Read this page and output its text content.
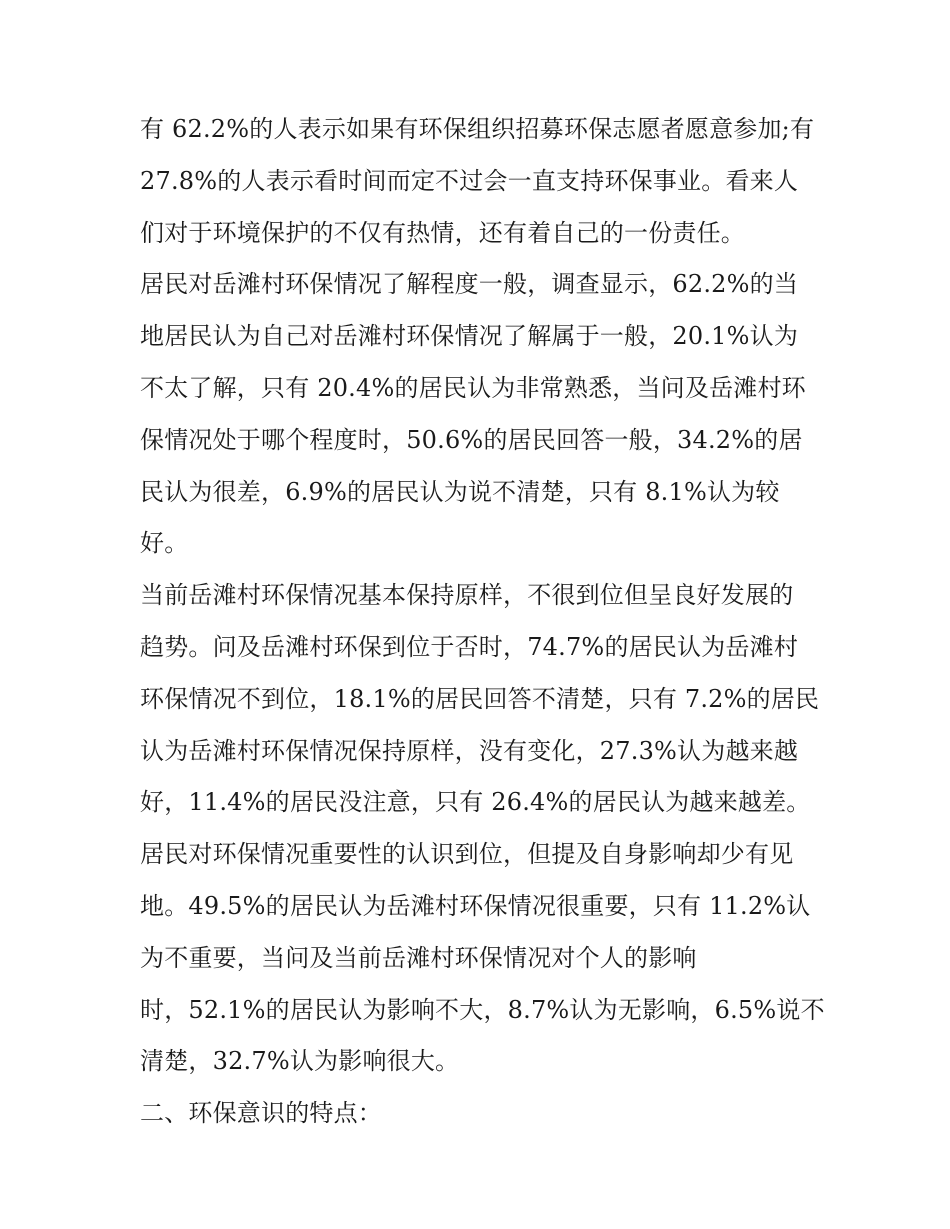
有 62.2%的人表示如果有环保组织招募环保志愿者愿意参加;有
27.8%的人表示看时间而定不过会一直支持环保事业。看来人
们对于环境保护的不仅有热情，还有着自己的一份责任。
居民对岳滩村环保情况了解程度一般，调查显示，62.2%的当
地居民认为自己对岳滩村环保情况了解属于一般，20.1%认为
不太了解，只有 20.4%的居民认为非常熟悉，当问及岳滩村环
保情况处于哪个程度时，50.6%的居民回答一般，34.2%的居
民认为很差，6.9%的居民认为说不清楚，只有 8.1%认为较
好。
当前岳滩村环保情况基本保持原样，不很到位但呈良好发展的
趋势。问及岳滩村环保到位于否时，74.7%的居民认为岳滩村
环保情况不到位，18.1%的居民回答不清楚，只有 7.2%的居民
认为岳滩村环保情况保持原样，没有变化，27.3%认为越来越
好，11.4%的居民没注意，只有 26.4%的居民认为越来越差。
居民对环保情况重要性的认识到位，但提及自身影响却少有见
地。49.5%的居民认为岳滩村环保情况很重要，只有 11.2%认
为不重要，当问及当前岳滩村环保情况对个人的影响
时，52.1%的居民认为影响不大，8.7%认为无影响，6.5%说不
清楚，32.7%认为影响很大。
二、环保意识的特点：
